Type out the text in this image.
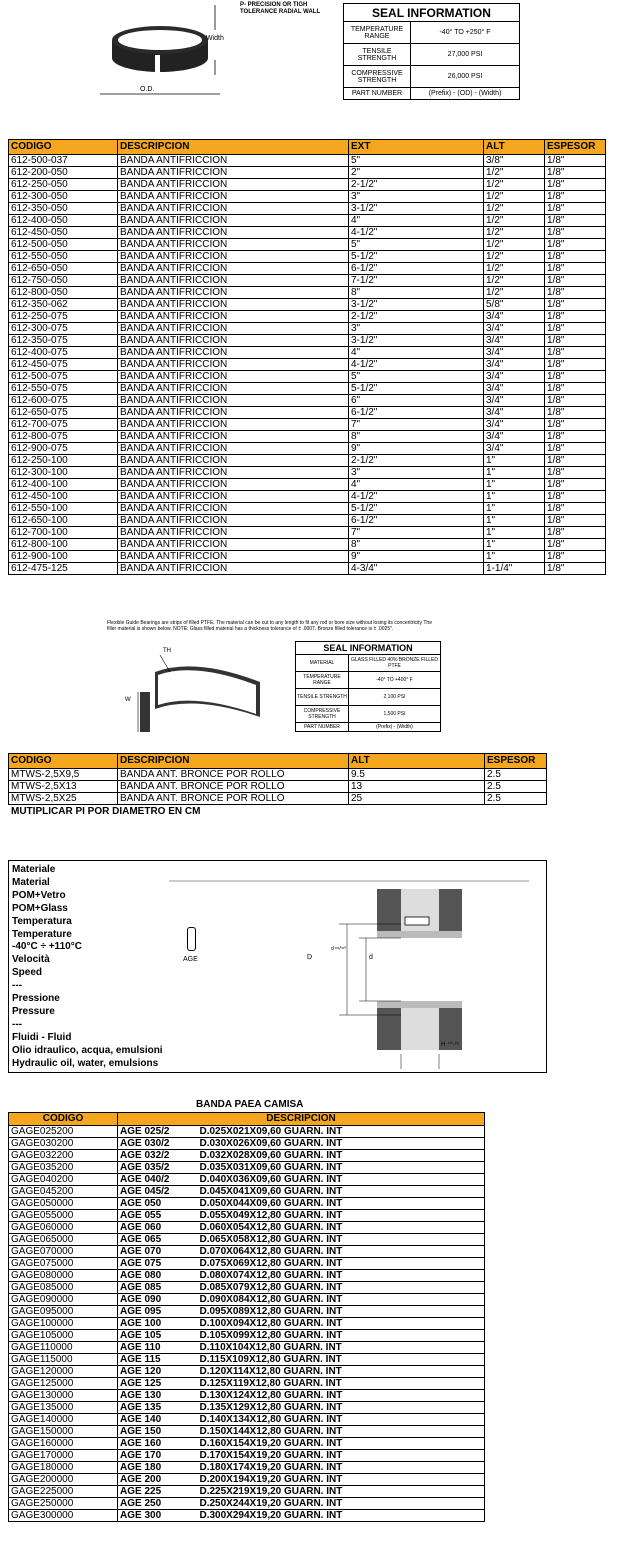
P- PRECISION OR TIGH TOLERANCE RADIAL WALL
Width
O.D.
SEAL INFORMATION
TEMPERATURE RANGE	-40° TO +250° F
TENSILE STRENGTH	27,000 PSI
COMPRESSIVE STRENGTH	26,000 PSI
PART NUMBER	(Prefix) - (OD) - (Width)
CODIGO	DESCRIPCION	EXT	ALT	ESPESOR
612-500-037	BANDA ANTIFRICCION	5"	3/8"	1/8"
612-200-050	BANDA ANTIFRICCION	2"	1/2"	1/8"
612-250-050	BANDA ANTIFRICCION	2-1/2"	1/2"	1/8"
612-300-050	BANDA ANTIFRICCION	3"	1/2"	1/8"
612-350-050	BANDA ANTIFRICCION	3-1/2"	1/2"	1/8"
612-400-050	BANDA ANTIFRICCION	4"	1/2"	1/8"
612-450-050	BANDA ANTIFRICCION	4-1/2"	1/2"	1/8"
612-500-050	BANDA ANTIFRICCION	5"	1/2"	1/8"
612-550-050	BANDA ANTIFRICCION	5-1/2"	1/2"	1/8"
612-650-050	BANDA ANTIFRICCION	6-1/2"	1/2"	1/8"
612-750-050	BANDA ANTIFRICCION	7-1/2"	1/2"	1/8"
612-800-050	BANDA ANTIFRICCION	8"	1/2"	1/8"
612-350-062	BANDA ANTIFRICCION	3-1/2"	5/8"	1/8"
612-250-075	BANDA ANTIFRICCION	2-1/2"	3/4"	1/8"
612-300-075	BANDA ANTIFRICCION	3"	3/4"	1/8"
612-350-075	BANDA ANTIFRICCION	3-1/2"	3/4"	1/8"
612-400-075	BANDA ANTIFRICCION	4"	3/4"	1/8"
612-450-075	BANDA ANTIFRICCION	4-1/2"	3/4"	1/8"
612-500-075	BANDA ANTIFRICCION	5"	3/4"	1/8"
612-550-075	BANDA ANTIFRICCION	5-1/2"	3/4"	1/8"
612-600-075	BANDA ANTIFRICCION	6"	3/4"	1/8"
612-650-075	BANDA ANTIFRICCION	6-1/2"	3/4"	1/8"
612-700-075	BANDA ANTIFRICCION	7"	3/4"	1/8"
612-800-075	BANDA ANTIFRICCION	8"	3/4"	1/8"
612-900-075	BANDA ANTIFRICCION	9"	3/4"	1/8"
612-250-100	BANDA ANTIFRICCION	2-1/2"	1"	1/8"
612-300-100	BANDA ANTIFRICCION	3"	1"	1/8"
612-400-100	BANDA ANTIFRICCION	4"	1"	1/8"
612-450-100	BANDA ANTIFRICCION	4-1/2"	1"	1/8"
612-550-100	BANDA ANTIFRICCION	5-1/2"	1"	1/8"
612-650-100	BANDA ANTIFRICCION	6-1/2"	1"	1/8"
612-700-100	BANDA ANTIFRICCION	7"	1"	1/8"
612-800-100	BANDA ANTIFRICCION	8"	1"	1/8"
612-900-100	BANDA ANTIFRICCION	9"	1"	1/8"
612-475-125	BANDA ANTIFRICCION	4-3/4"	1-1/4"	1/8"
Flexible Guide Bearings are strips of filled PTFE. The material can be cut to any length to fit any rod or bore size without losing its concentricity The filler material is shown below. NOTE: Glass filled material has a thickness tolerance of ± .0007. Bronze filled tolerance is ± .0025".
TH
W
SEAL INFORMATION
MATERIAL	GLASS FILLED 40% BRONZE FILLED PTFE
TEMPERATURE RANGE	-40° TO +400° F
TENSILE STRENGTH	2,100 PSI
COMPRESSIVE STRENGTH	1,500 PSI
PART NUMBER	(Prefix) - (Width)
CODIGO	DESCRIPCION	ALT	ESPESOR
MTWS-2,5X9,5	BANDA ANT. BRONCE POR ROLLO	9.5	2.5
MTWS-2,5X13	BANDA ANT. BRONCE POR ROLLO	13	2.5
MTWS-2,5X25	BANDA ANT. BRONCE POR ROLLO	25	2.5
MUTIPLICAR PI POR DIAMETRO EN CM
Materiale
Material
POM+Vetro
POM+Glass
Temperatura
Temperature
-40°C ÷ +110°C
Velocità
Speed
---
Pressione
Pressure
---
Fluidi - Fluid
Olio idraulico, acqua, emulsioni
Hydraulic oil, water, emulsions
AGE	D	d
d ʰ⁸/ʰ¹⁰
H ⁺⁰·²⁵
BANDA PAEA CAMISA
CODIGO	DESCRIPCION	
GAGE025200	AGE 025/2	D.025X021X09,60 GUARN. INT
GAGE030200	AGE 030/2	D.030X026X09,60 GUARN. INT
GAGE032200	AGE 032/2	D.032X028X09,60 GUARN. INT
GAGE035200	AGE 035/2	D.035X031X09,60 GUARN. INT
GAGE040200	AGE 040/2	D.040X036X09,60 GUARN. INT
GAGE045200	AGE 045/2	D.045X041X09,60 GUARN. INT
GAGE050000	AGE 050	D.050X044X09,60 GUARN. INT
GAGE055000	AGE 055	D.055X049X12,80 GUARN. INT
GAGE060000	AGE 060	D.060X054X12,80 GUARN. INT
GAGE065000	AGE 065	D.065X058X12,80 GUARN. INT
GAGE070000	AGE 070	D.070X064X12,80 GUARN. INT
GAGE075000	AGE 075	D.075X069X12,80 GUARN. INT
GAGE080000	AGE 080	D.080X074X12,80 GUARN. INT
GAGE085000	AGE 085	D.085X079X12,80 GUARN. INT
GAGE090000	AGE 090	D.090X084X12,80 GUARN. INT
GAGE095000	AGE 095	D.095X089X12,80 GUARN. INT
GAGE100000	AGE 100	D.100X094X12,80 GUARN. INT
GAGE105000	AGE 105	D.105X099X12,80 GUARN. INT
GAGE110000	AGE 110	D.110X104X12,80 GUARN. INT
GAGE115000	AGE 115	D.115X109X12,80 GUARN. INT
GAGE120000	AGE 120	D.120X114X12,80 GUARN. INT
GAGE125000	AGE 125	D.125X119X12,80 GUARN. INT
GAGE130000	AGE 130	D.130X124X12,80 GUARN. INT
GAGE135000	AGE 135	D.135X129X12,80 GUARN. INT
GAGE140000	AGE 140	D.140X134X12,80 GUARN. INT
GAGE150000	AGE 150	D.150X144X12,80 GUARN. INT
GAGE160000	AGE 160	D.160X154X19,20 GUARN. INT
GAGE170000	AGE 170	D.170X154X19,20 GUARN. INT
GAGE180000	AGE 180	D.180X174X19,20 GUARN. INT
GAGE200000	AGE 200	D.200X194X19,20 GUARN. INT
GAGE225000	AGE 225	D.225X219X19,20 GUARN. INT
GAGE250000	AGE 250	D.250X244X19,20 GUARN. INT
GAGE300000	AGE 300	D.300X294X19,20 GUARN. INT
